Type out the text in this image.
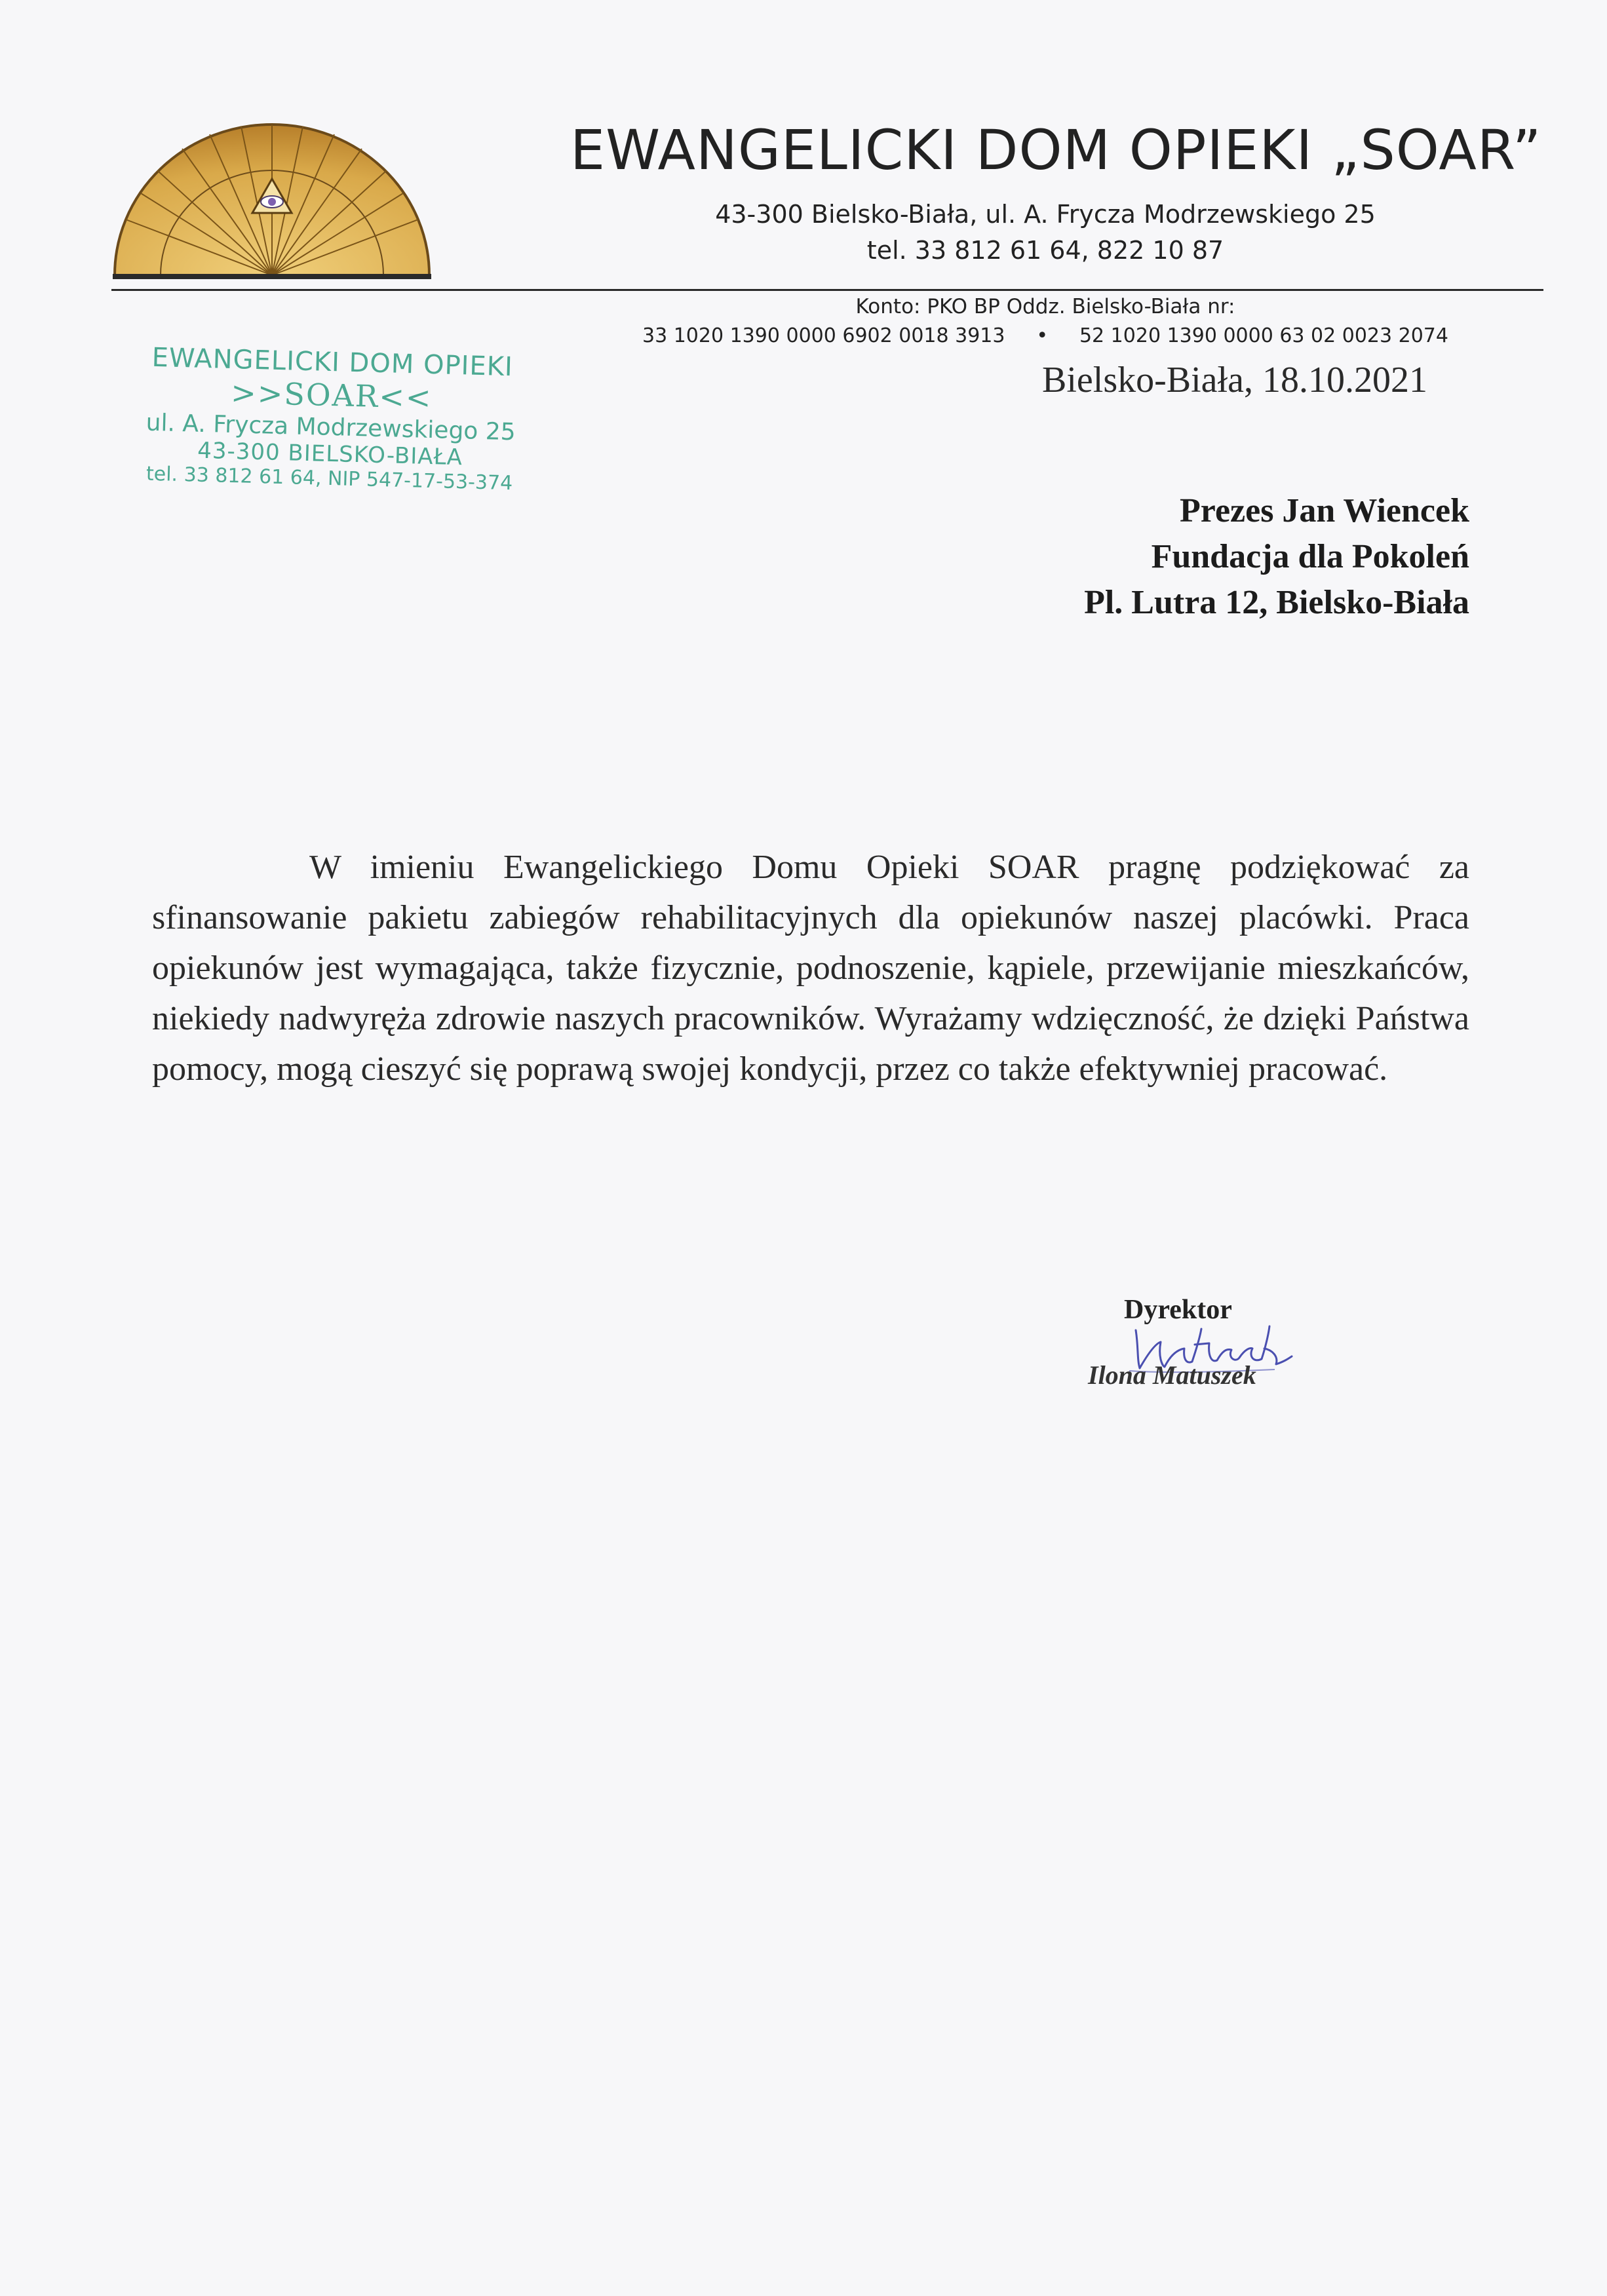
EWANGELICKI DOM OPIEKI „SOAR”
43-300 Bielsko-Biała, ul. A. Frycza Modrzewskiego 25
tel. 33 812 61 64, 822 10 87
Konto: PKO BP Oddz. Bielsko-Biała nr:
33 1020 1390 0000 6902 0018 3913 • 52 1020 1390 0000 63 02 0023 2074
EWANGELICKI DOM OPIEKI
>>SOAR<<
ul. A. Frycza Modrzewskiego 25
43-300 BIELSKO-BIAŁA
tel. 33 812 61 64, NIP 547-17-53-374
Bielsko-Biała, 18.10.2021
Prezes Jan Wiencek
Fundacja dla Pokoleń
Pl. Lutra 12, Bielsko-Biała
W imieniu Ewangelickiego Domu Opieki SOAR pragnę podziękować za sfinansowanie pakietu zabiegów rehabilitacyjnych dla opiekunów naszej placówki. Praca opiekunów jest wymagająca, także fizycznie, podnoszenie, kąpiele, przewijanie mieszkańców, niekiedy nadwyręża zdrowie naszych pracowników. Wyrażamy wdzięczność, że dzięki Państwa pomocy, mogą cieszyć się poprawą swojej kondycji, przez co także efektywniej pracować.
Dyrektor
Ilona Matuszek
